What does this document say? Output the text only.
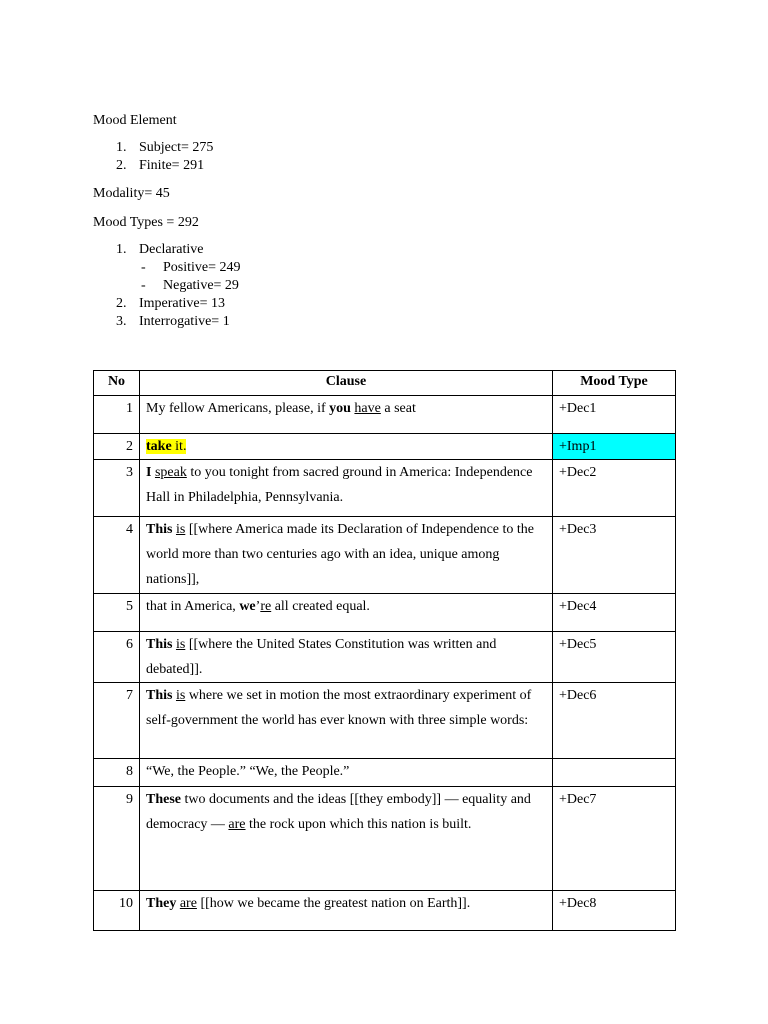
Mood Element
1. Subject= 275
2. Finite= 291
Modality= 45
Mood Types = 292
1. Declarative
- Positive= 249
- Negative= 29
2. Imperative= 13
3. Interrogative= 1
No	Clause	Mood Type
1	My fellow Americans, please, if you have a seat	+Dec1
2	take it.	+Imp1
3	I speak to you tonight from sacred ground in America: Independence Hall in Philadelphia, Pennsylvania.	+Dec2
4	This is [[where America made its Declaration of Independence to the world more than two centuries ago with an idea, unique among nations]],	+Dec3
5	that in America, we’re all created equal.	+Dec4
6	This is [[where the United States Constitution was written and debated]].	+Dec5
7	This is where we set in motion the most extraordinary experiment of self-government the world has ever known with three simple words:	+Dec6
8	“We, the People.” “We, the People.”	
9	These two documents and the ideas [[they embody]] — equality and democracy — are the rock upon which this nation is built.	+Dec7
10	They are [[how we became the greatest nation on Earth]].	+Dec8
